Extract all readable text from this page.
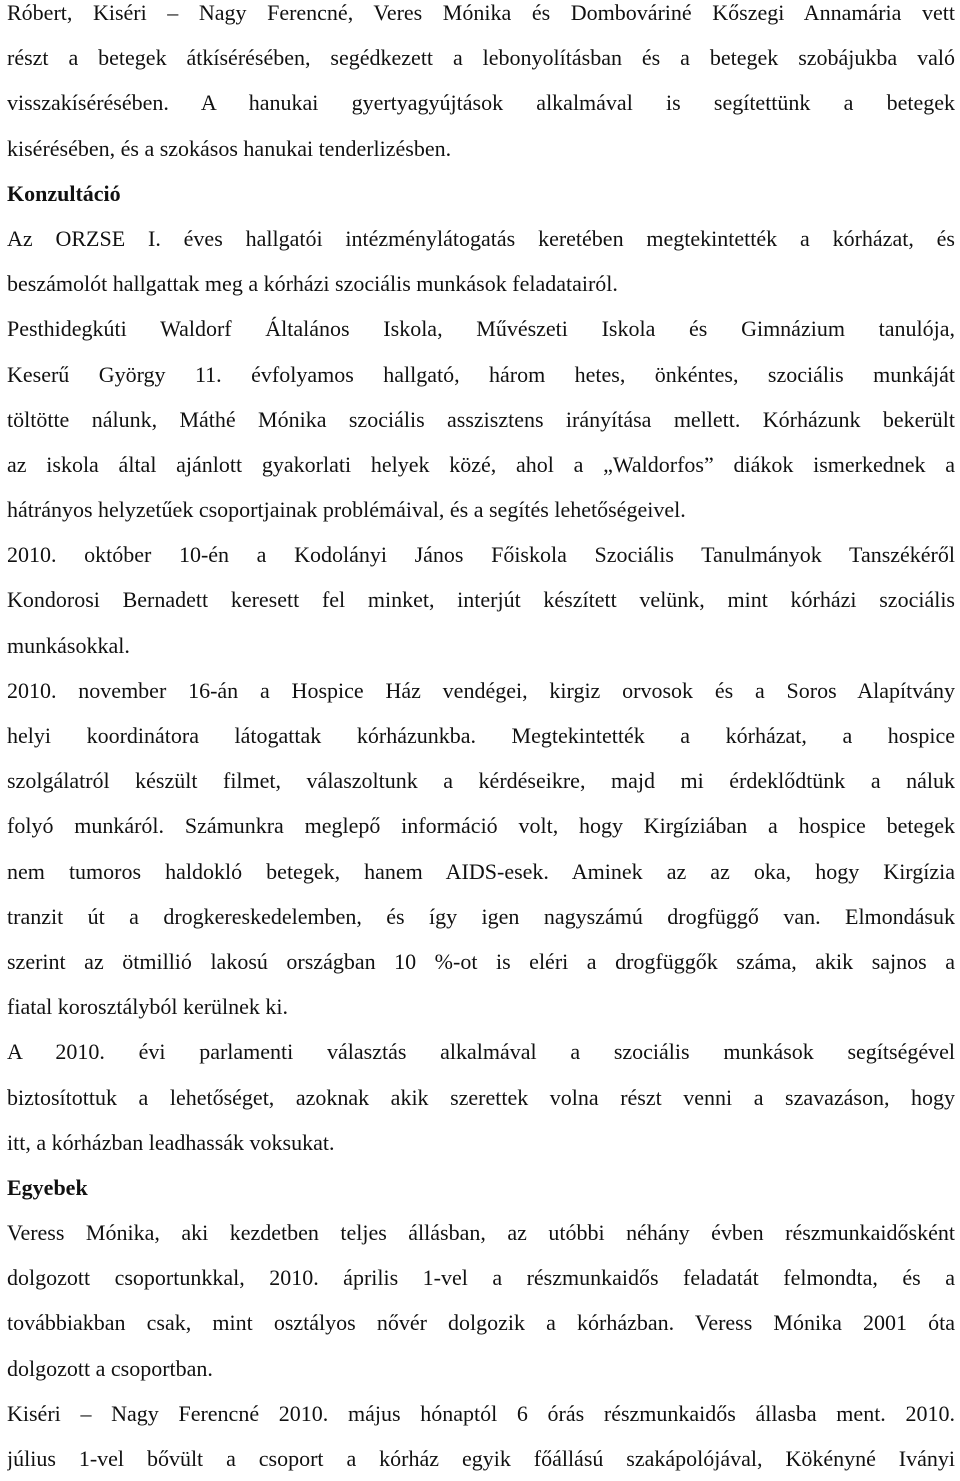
Róbert, Kiséri – Nagy Ferencné, Veres Mónika és Dombováriné Kőszegi Annamária vett
részt a betegek átkísérésében, segédkezett a lebonyolításban és a betegek szobájukba való
visszakísérésében. A hanukai gyertyagyújtások alkalmával is segítettünk a betegek
kisérésében, és a szokásos hanukai tenderlizésben.
Konzultáció
Az ORZSE I. éves hallgatói intézménylátogatás keretében megtekintették a kórházat, és
beszámolót hallgattak meg a kórházi szociális munkások feladatairól.
Pesthidegkúti Waldorf Általános Iskola, Művészeti Iskola és Gimnázium tanulója,
Keserű György 11. évfolyamos hallgató, három hetes, önkéntes, szociális munkáját
töltötte nálunk, Máthé Mónika szociális asszisztens irányítása mellett. Kórházunk bekerült
az iskola által ajánlott gyakorlati helyek közé, ahol a „Waldorfos” diákok ismerkednek a
hátrányos helyzetűek csoportjainak problémáival, és a segítés lehetőségeivel.
2010. október 10-én a Kodolányi János Főiskola Szociális Tanulmányok Tanszékéről
Kondorosi Bernadett keresett fel minket, interjút készített velünk, mint kórházi szociális
munkásokkal.
2010. november 16-án a Hospice Ház vendégei, kirgiz orvosok és a Soros Alapítvány
helyi koordinátora látogattak kórházunkba. Megtekintették a kórházat, a hospice
szolgálatról készült filmet, válaszoltunk a kérdéseikre, majd mi érdeklődtünk a náluk
folyó munkáról. Számunkra meglepő információ volt, hogy Kirgíziában a hospice betegek
nem tumoros haldokló betegek, hanem AIDS-esek. Aminek az az oka, hogy Kirgízia
tranzit út a drogkereskedelemben, és így igen nagyszámú drogfüggő van. Elmondásuk
szerint az ötmillió lakosú országban 10 %-ot is eléri a drogfüggők száma, akik sajnos a
fiatal korosztályból kerülnek ki.
A 2010. évi parlamenti választás alkalmával a szociális munkások segítségével
biztosítottuk a lehetőséget, azoknak akik szerettek volna részt venni a szavazáson, hogy
itt, a kórházban leadhassák voksukat.
Egyebek
Veress Mónika, aki kezdetben teljes állásban, az utóbbi néhány évben részmunkaidősként
dolgozott csoportunkkal, 2010. április 1-vel a részmunkaidős feladatát felmondta, és a
továbbiakban csak, mint osztályos nővér dolgozik a kórházban. Veress Mónika 2001 óta
dolgozott a csoportban.
Kiséri – Nagy Ferencné 2010. május hónaptól 6 órás részmunkaidős állasba ment. 2010.
július 1-vel bővült a csoport a kórház egyik főállású szakápolójával, Kökényné Iványi
